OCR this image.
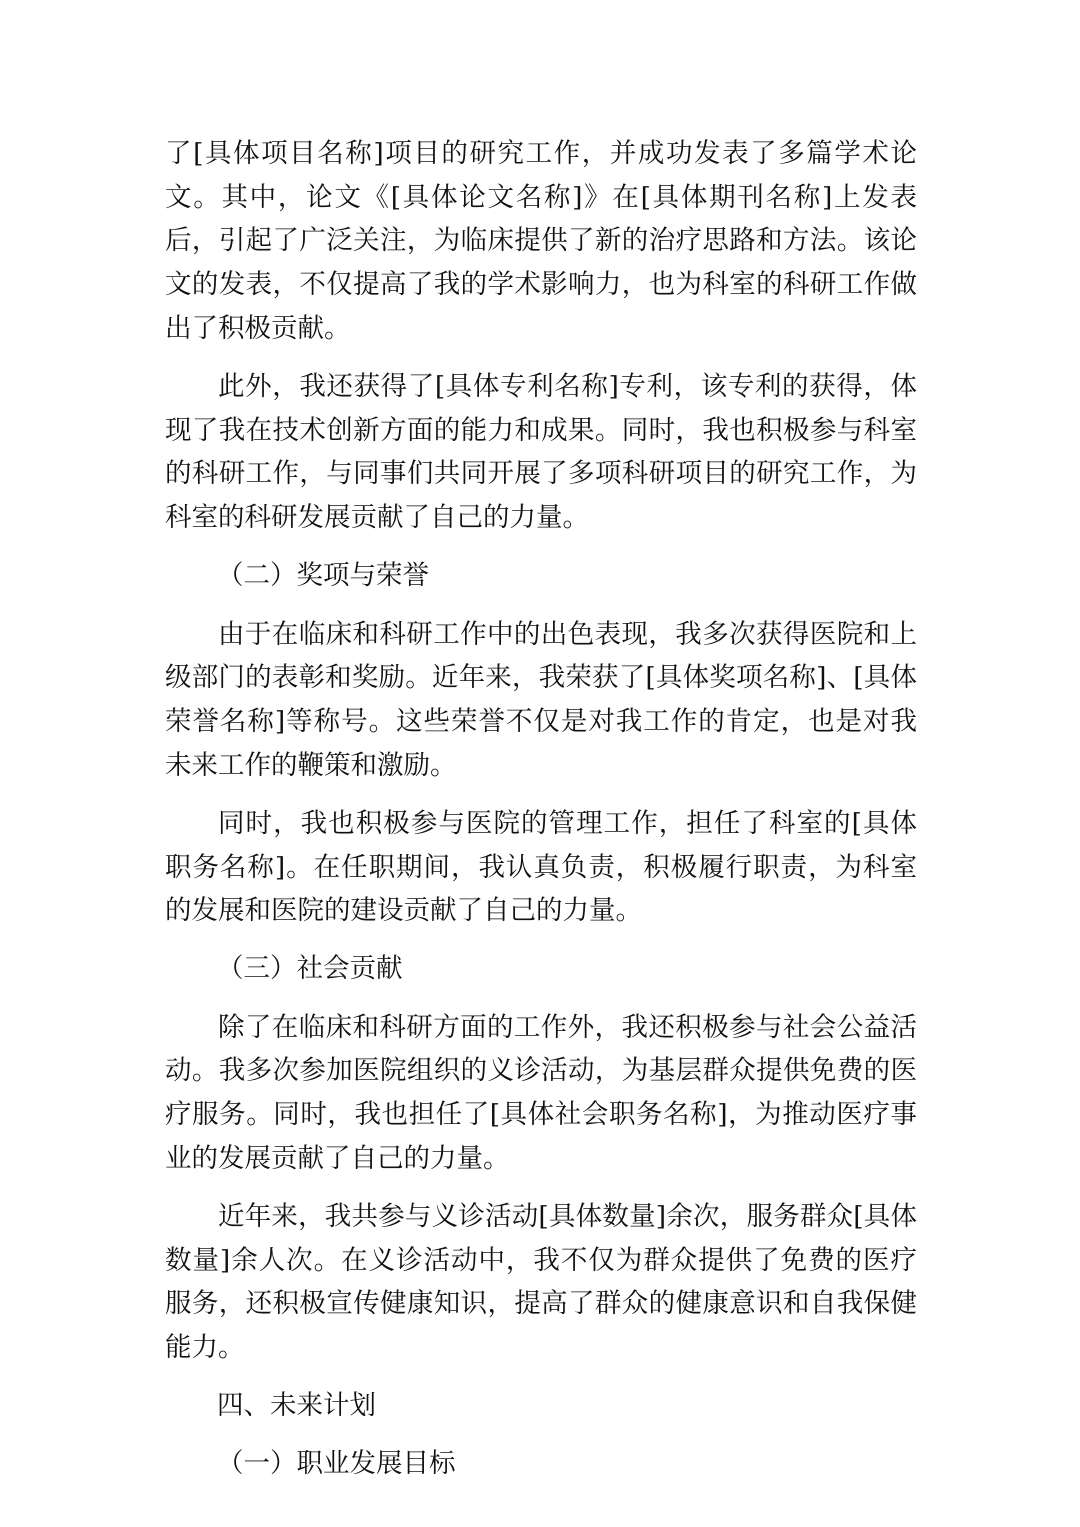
了[具体项目名称]项目的研究工作，并成功发表了多篇学术论文。其中，论文《[具体论文名称]》在[具体期刊名称]上发表后，引起了广泛关注，为临床提供了新的治疗思路和方法。该论文的发表，不仅提高了我的学术影响力，也为科室的科研工作做出了积极贡献。

此外，我还获得了[具体专利名称]专利，该专利的获得，体现了我在技术创新方面的能力和成果。同时，我也积极参与科室的科研工作，与同事们共同开展了多项科研项目的研究工作，为科室的科研发展贡献了自己的力量。

（二）奖项与荣誉

由于在临床和科研工作中的出色表现，我多次获得医院和上级部门的表彰和奖励。近年来，我荣获了[具体奖项名称]、[具体荣誉名称]等称号。这些荣誉不仅是对我工作的肯定，也是对我未来工作的鞭策和激励。

同时，我也积极参与医院的管理工作，担任了科室的[具体职务名称]。在任职期间，我认真负责，积极履行职责，为科室的发展和医院的建设贡献了自己的力量。

（三）社会贡献

除了在临床和科研方面的工作外，我还积极参与社会公益活动。我多次参加医院组织的义诊活动，为基层群众提供免费的医疗服务。同时，我也担任了[具体社会职务名称]，为推动医疗事业的发展贡献了自己的力量。

近年来，我共参与义诊活动[具体数量]余次，服务群众[具体数量]余人次。在义诊活动中，我不仅为群众提供了免费的医疗服务，还积极宣传健康知识，提高了群众的健康意识和自我保健能力。

四、未来计划

（一）职业发展目标
